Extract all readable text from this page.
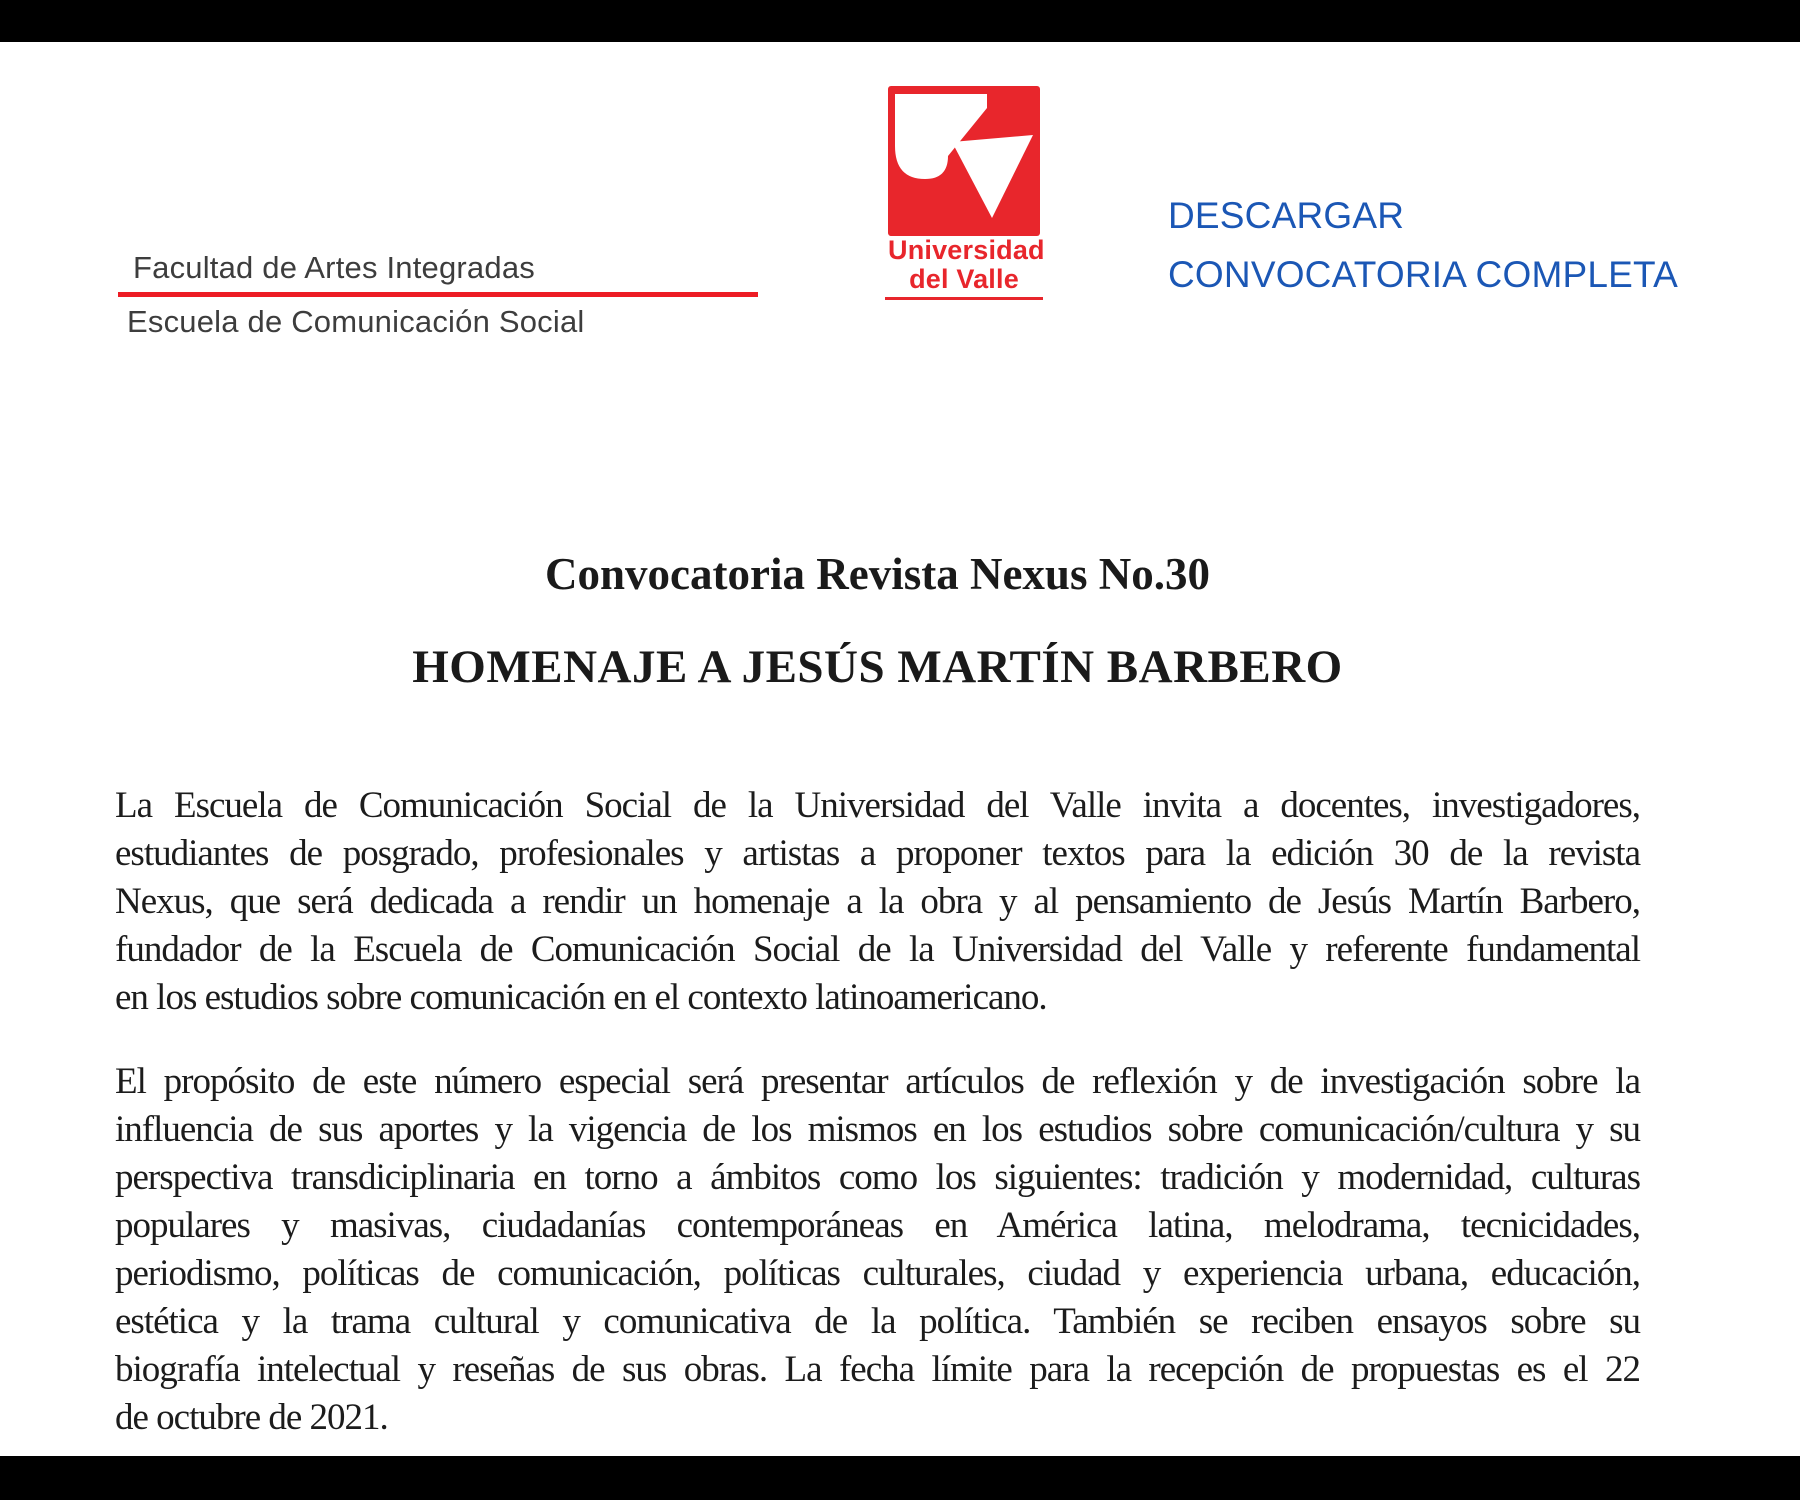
Facultad de Artes Integradas
Escuela de Comunicación Social
Universidad
del Valle
DESCARGAR
CONVOCATORIA COMPLETA
Convocatoria Revista Nexus No.30
HOMENAJE A JESÚS MARTÍN BARBERO
La Escuela de Comunicación Social de la Universidad del Valle invita a docentes, investigadores,
estudiantes de posgrado, profesionales y artistas a proponer textos para la edición 30 de la revista
Nexus, que será dedicada a rendir un homenaje a la obra y al pensamiento de Jesús Martín Barbero,
fundador de la Escuela de Comunicación Social de la Universidad del Valle y referente fundamental
en los estudios sobre comunicación en el contexto latinoamericano.
El propósito de este número especial será presentar artículos de reflexión y de investigación sobre la
influencia de sus aportes y la vigencia de los mismos en los estudios sobre comunicación/cultura y su
perspectiva transdiciplinaria en torno a ámbitos como los siguientes: tradición y modernidad, culturas
populares y masivas, ciudadanías contemporáneas en América latina, melodrama, tecnicidades,
periodismo, políticas de comunicación, políticas culturales, ciudad y experiencia urbana, educación,
estética y la trama cultural y comunicativa de la política. También se reciben ensayos sobre su
biografía intelectual y reseñas de sus obras. La fecha límite para la recepción de propuestas es el 22
de octubre de 2021.
